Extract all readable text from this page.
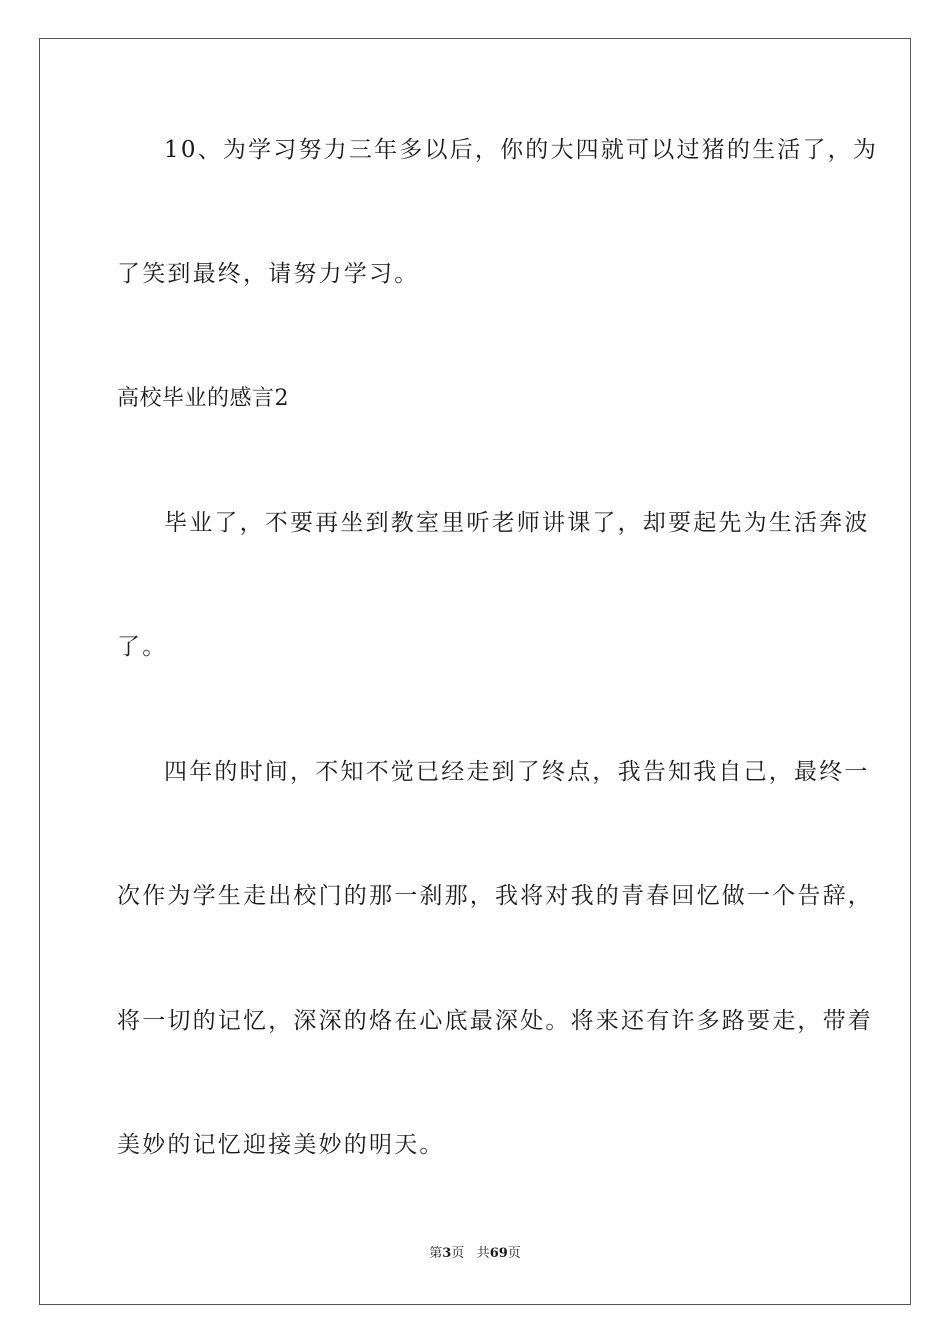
10、为学习努力三年多以后，你的大四就可以过猪的生活了，为
了笑到最终，请努力学习。
高校毕业的感言2
毕业了，不要再坐到教室里听老师讲课了，却要起先为生活奔波
了。
四年的时间，不知不觉已经走到了终点，我告知我自己，最终一
次作为学生走出校门的那一刹那，我将对我的青春回忆做一个告辞，
将一切的记忆，深深的烙在心底最深处。将来还有许多路要走，带着
美妙的记忆迎接美妙的明天。
第3页 共69页
